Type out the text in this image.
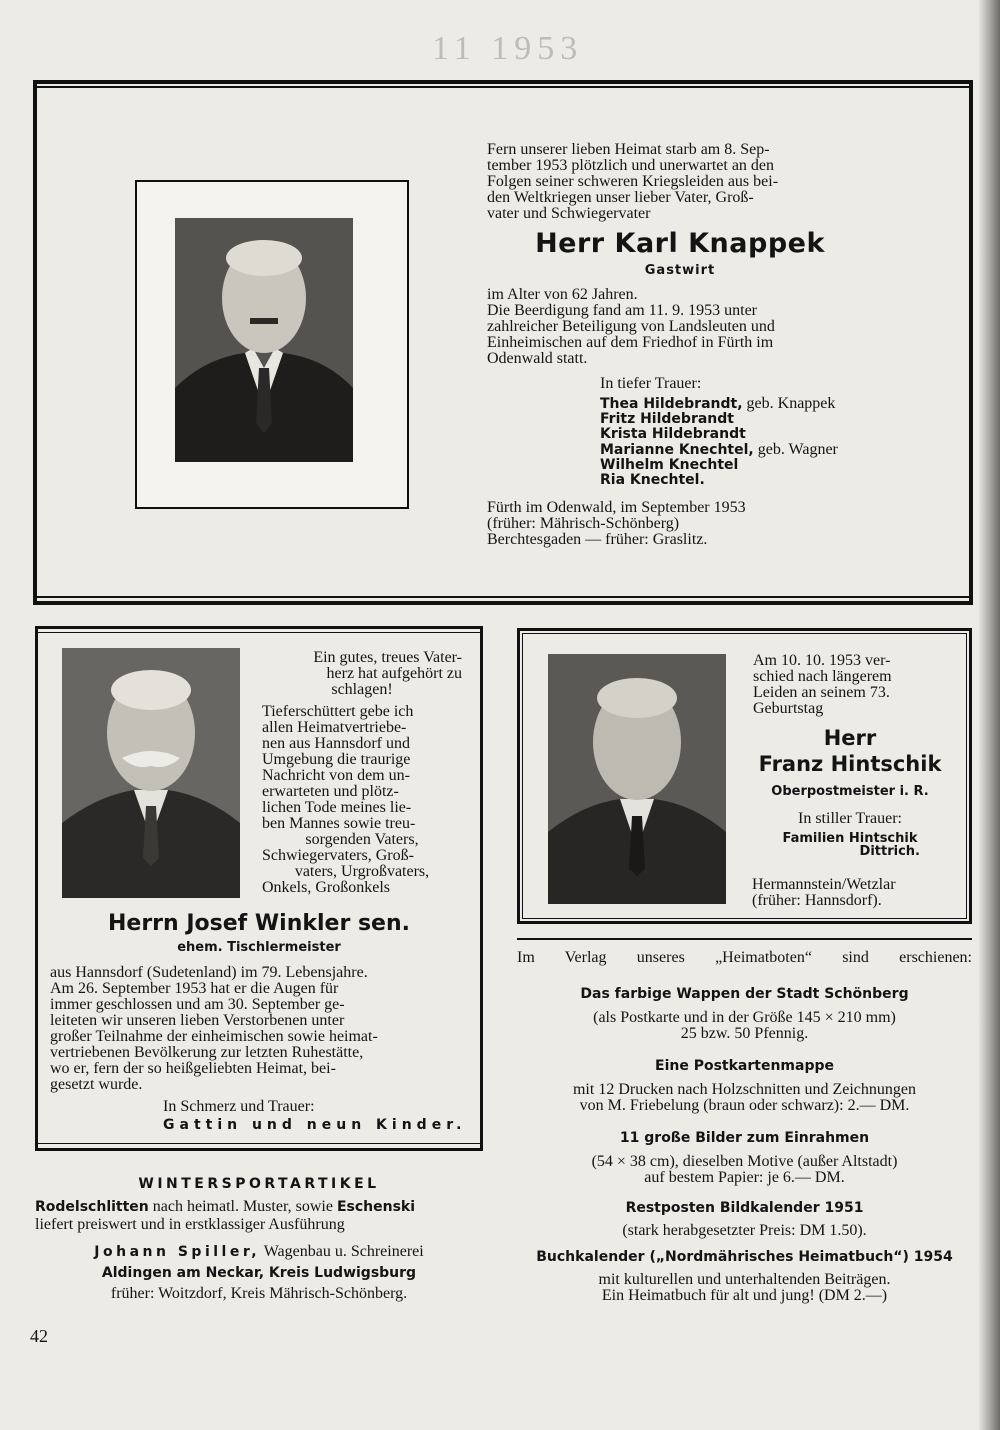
11 1953
Fern unserer lieben Heimat starb am 8. Sep-
tember 1953 plötzlich und unerwartet an den
Folgen seiner schweren Kriegsleiden aus bei-
den Weltkriegen unser lieber Vater, Groß-
vater und Schwiegervater
Herr Karl Knappek
Gastwirt
im Alter von 62 Jahren.
Die Beerdigung fand am 11. 9. 1953 unter
zahlreicher Beteiligung von Landsleuten und
Einheimischen auf dem Friedhof in Fürth im
Odenwald statt.
In tiefer Trauer:
Thea Hildebrandt, geb. Knappek
Fritz Hildebrandt
Krista Hildebrandt
Marianne Knechtel, geb. Wagner
Wilhelm Knechtel
Ria Knechtel.
Fürth im Odenwald, im September 1953
(früher: Mährisch-Schönberg)
Berchtesgaden — früher: Graslitz.
Ein gutes, treues Vater-
herz hat aufgehört zu
schlagen!
Tieferschüttert gebe ich
allen Heimatvertriebe-
nen aus Hannsdorf und
Umgebung die traurige
Nachricht von dem un-
erwarteten und plötz-
lichen Tode meines lie-
ben Mannes sowie treu-
sorgenden Vaters,
Schwiegervaters, Groß-
vaters, Urgroßvaters,
Onkels, Großonkels
Herrn Josef Winkler sen.
ehem. Tischlermeister
aus Hannsdorf (Sudetenland) im 79. Lebensjahre.
Am 26. September 1953 hat er die Augen für
immer geschlossen und am 30. September ge-
leiteten wir unseren lieben Verstorbenen unter
großer Teilnahme der einheimischen sowie heimat-
vertriebenen Bevölkerung zur letzten Ruhestätte,
wo er, fern der so heißgeliebten Heimat, bei-
gesetzt wurde.
In Schmerz und Trauer:
Gattin und neun Kinder.
Am 10. 10. 1953 ver-
schied nach längerem
Leiden an seinem 73.
Geburtstag
Herr
Franz Hintschik
Oberpostmeister i. R.
In stiller Trauer:
Familien Hintschik
Dittrich.
Hermannstein/Wetzlar
(früher: Hannsdorf).
WINTERSPORTARTIKEL
Rodelschlitten nach heimatl. Muster, sowie Eschenski
liefert preiswert und in erstklassiger Ausführung
Johann Spiller, Wagenbau u. Schreinerei
Aldingen am Neckar, Kreis Ludwigsburg
früher: Woitzdorf, Kreis Mährisch-Schönberg.
Im Verlag unseres „Heimatboten“ sind erschienen:
Das farbige Wappen der Stadt Schönberg
(als Postkarte und in der Größe 145 × 210 mm)
25 bzw. 50 Pfennig.
Eine Postkartenmappe
mit 12 Drucken nach Holzschnitten und Zeichnungen
von M. Friebelung (braun oder schwarz): 2.— DM.
11 große Bilder zum Einrahmen
(54 × 38 cm), dieselben Motive (außer Altstadt)
auf bestem Papier: je 6.— DM.
Restposten Bildkalender 1951
(stark herabgesetzter Preis: DM 1.50).
Buchkalender („Nordmährisches Heimatbuch“) 1954
mit kulturellen und unterhaltenden Beiträgen.
Ein Heimatbuch für alt und jung! (DM 2.—)
42
